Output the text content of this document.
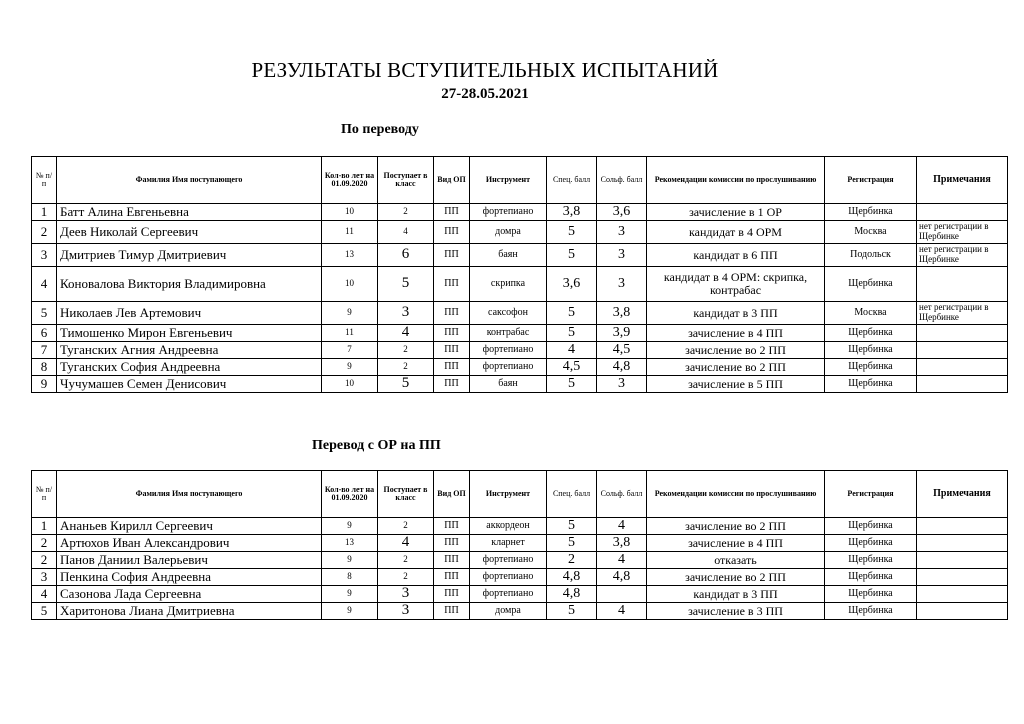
РЕЗУЛЬТАТЫ ВСТУПИТЕЛЬНЫХ ИСПЫТАНИЙ
27-28.05.2021
По переводу
№ п/п	Фамилия Имя поступающего	Кол-во лет на 01.09.2020	Поступает в класс	Вид ОП	Инструмент	Спец. балл	Сольф. балл	Рекомендации комиссии по прослушиванию	Регистрация	Примечания
1	Батт Алина Евгеньевна	10	2	ПП	фортепиано	3,8	3,6	зачисление в 1 ОР	Щербинка	
2	Деев Николай Сергеевич	11	4	ПП	домра	5	3	кандидат в 4 ОРМ	Москва	нет регистрации в Щербинке
3	Дмитриев Тимур Дмитриевич	13	6	ПП	баян	5	3	кандидат в 6 ПП	Подольск	нет регистрации в Щербинке
4	Коновалова Виктория Владимировна	10	5	ПП	скрипка	3,6	3	кандидат в 4 ОРМ: скрипка, контрабас	Щербинка	
5	Николаев Лев Артемович	9	3	ПП	саксофон	5	3,8	кандидат в 3 ПП	Москва	нет регистрации в Щербинке
6	Тимошенко Мирон Евгеньевич	11	4	ПП	контрабас	5	3,9	зачисление в 4 ПП	Щербинка	
7	Туганских Агния Андреевна	7	2	ПП	фортепиано	4	4,5	зачисление во 2 ПП	Щербинка	
8	Туганских София Андреевна	9	2	ПП	фортепиано	4,5	4,8	зачисление во 2 ПП	Щербинка	
9	Чучумашев Семен Денисович	10	5	ПП	баян	5	3	зачисление в 5 ПП	Щербинка	
Перевод с ОР на ПП
№ п/п	Фамилия Имя поступающего	Кол-во лет на 01.09.2020	Поступает в класс	Вид ОП	Инструмент	Спец. балл	Сольф. балл	Рекомендации комиссии по прослушиванию	Регистрация	Примечания
1	Ананьев Кирилл Сергеевич	9	2	ПП	аккордеон	5	4	зачисление во 2 ПП	Щербинка	
2	Артюхов Иван Александрович	13	4	ПП	кларнет	5	3,8	зачисление в 4 ПП	Щербинка	
2	Панов Даниил Валерьевич	9	2	ПП	фортепиано	2	4	отказать	Щербинка	
3	Пенкина София Андреевна	8	2	ПП	фортепиано	4,8	4,8	зачисление во 2 ПП	Щербинка	
4	Сазонова Лада Сергеевна	9	3	ПП	фортепиано	4,8		кандидат в 3 ПП	Щербинка	
5	Харитонова Лиана Дмитриевна	9	3	ПП	домра	5	4	зачисление в 3 ПП	Щербинка	
